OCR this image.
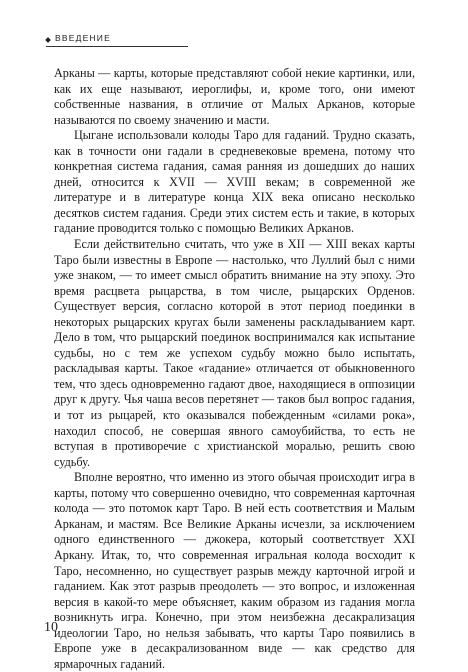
ВВЕДЕНИЕ

Арканы — карты, которые представляют собой некие картинки, или, как их еще называют, иероглифы, и, кроме того, они имеют собственные названия, в отличие от Малых Арканов, которые называются по своему значению и масти.

Цыгане использовали колоды Таро для гаданий. Трудно сказать, как в точности они гадали в средневековые времена, потому что конкретная система гадания, самая ранняя из дошедших до наших дней, относится к XVII — XVIII векам; в современной же литературе и в литературе конца XIX века описано несколько десятков систем гадания. Среди этих систем есть и такие, в которых гадание проводится только с помощью Великих Арканов.

Если действительно считать, что уже в XII — XIII веках карты Таро были известны в Европе — настолько, что Луллий был с ними уже знаком, — то имеет смысл обратить внимание на эту эпоху. Это время расцвета рыцарства, в том числе, рыцарских Орденов. Существует версия, согласно которой в этот период поединки в некоторых рыцарских кругах были заменены раскладыванием карт. Дело в том, что рыцарский поединок воспринимался как испытание судьбы, но с тем же успехом судьбу можно было испытать, раскладывая карты. Такое «гадание» отличается от обыкновенного тем, что здесь одновременно гадают двое, находящиеся в оппозиции друг к другу. Чья чаша весов перетянет — таков был вопрос гадания, и тот из рыцарей, кто оказывался побежденным «силами рока», находил способ, не совершая явного самоубийства, то есть не вступая в противоречие с христианской моралью, решить свою судьбу.

Вполне вероятно, что именно из этого обычая происходит игра в карты, потому что совершенно очевидно, что современная карточная колода — это потомок карт Таро. В ней есть соответствия и Малым Арканам, и мастям. Все Великие Арканы исчезли, за исключением одного единственного — джокера, который соответствует XXI Аркану. Итак, то, что современная игральная колода восходит к Таро, несомненно, но существует разрыв между карточной игрой и гаданием. Как этот разрыв преодолеть — это вопрос, и изложенная версия в какой-то мере объясняет, каким образом из гадания могла возникнуть игра. Конечно, при этом неизбежна десакрализация идеологии Таро, но нельзя забывать, что карты Таро появились в Европе уже в десакрализованном виде — как средство для ярмарочных гаданий.

10
